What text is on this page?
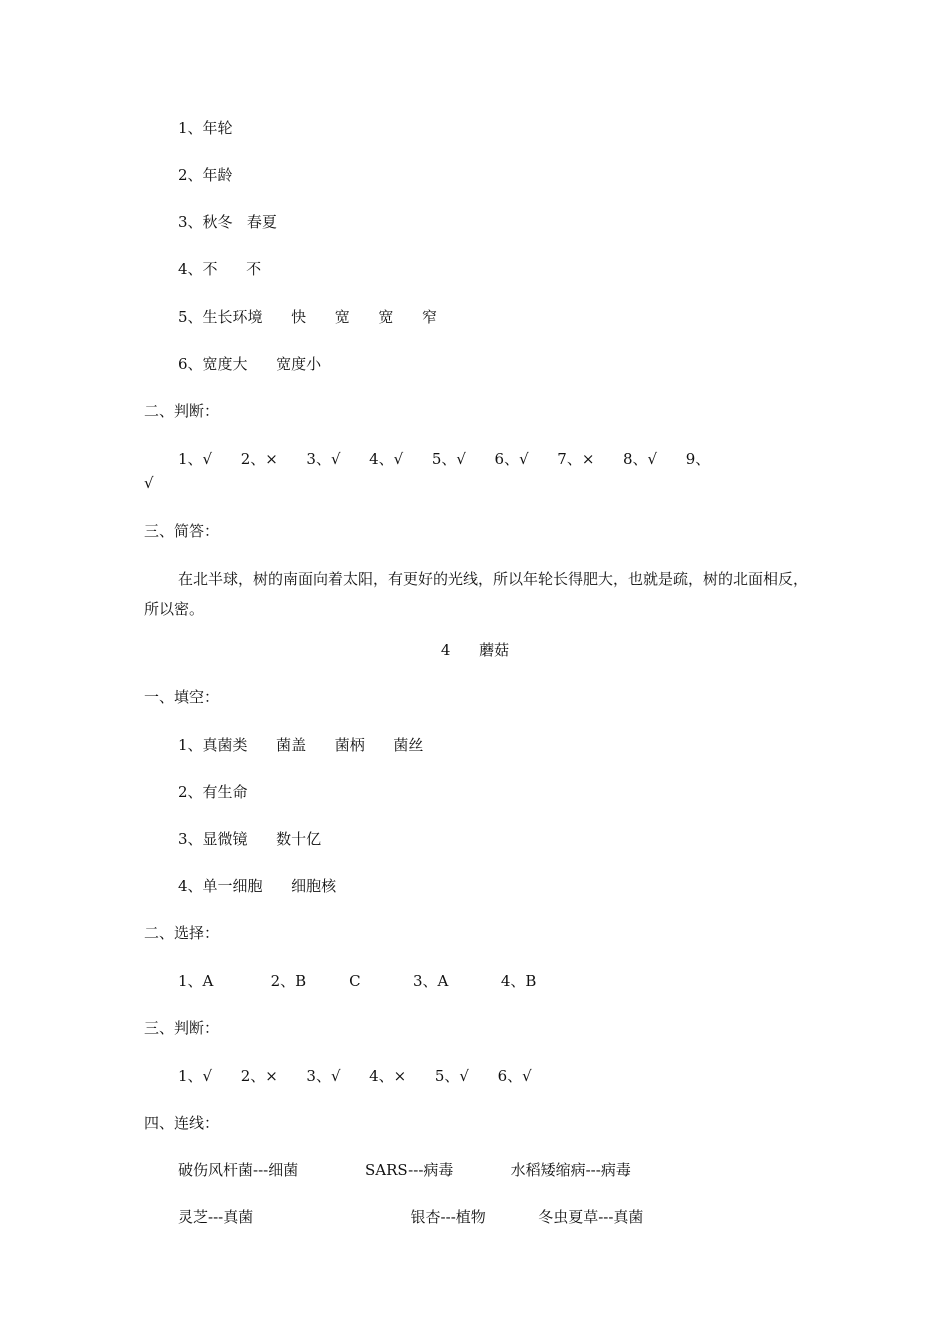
1、年轮
2、年龄
3、秋冬   春夏
4、不      不
5、生长环境      快      宽      宽      窄
6、宽度大      宽度小
二、判断：
1、√      2、×      3、√      4、√      5、√      6、√      7、×      8、√      9、
√
三、简答：
在北半球，树的南面向着太阳，有更好的光线，所以年轮长得肥大，也就是疏，树的北面相反，所以密。
4      蘑菇
一、填空：
1、真菌类      菌盖      菌柄      菌丝
2、有生命
3、显微镜      数十亿
4、单一细胞      细胞核
二、选择：
1、A            2、B         C           3、A           4、B
三、判断：
1、√      2、×      3、√      4、×      5、√      6、√
四、连线：
破伤风杆菌---细菌              SARS---病毒            水稻矮缩病---病毒
灵芝---真菌                                 银杏---植物           冬虫夏草---真菌
